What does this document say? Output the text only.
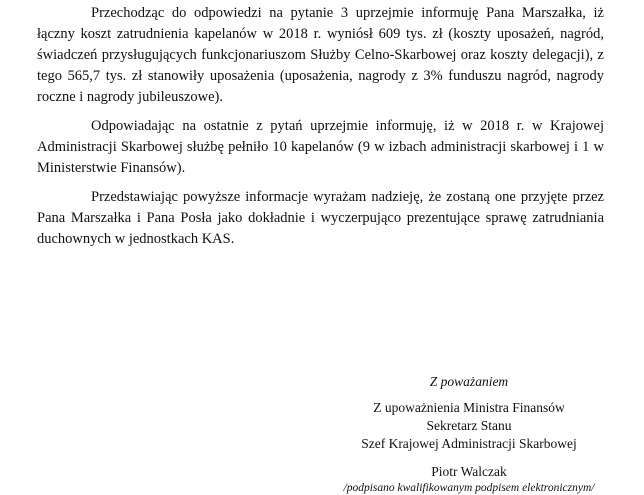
Przechodząc do odpowiedzi na pytanie 3 uprzejmie informuję Pana Marszałka, iż łączny koszt zatrudnienia kapelanów w 2018 r. wyniósł 609 tys. zł (koszty uposażeń, nagród, świadczeń przysługujących funkcjonariuszom Służby Celno-Skarbowej oraz koszty delegacji), z tego 565,7 tys. zł stanowiły uposażenia (uposażenia, nagrody z 3% funduszu nagród, nagrody roczne i nagrody jubileuszowe).

Odpowiadając na ostatnie z pytań uprzejmie informuję, iż w 2018 r. w Krajowej Administracji Skarbowej służbę pełniło 10 kapelanów (9 w izbach administracji skarbowej i 1 w Ministerstwie Finansów).

Przedstawiając powyższe informacje wyrażam nadzieję, że zostaną one przyjęte przez Pana Marszałka i Pana Posła jako dokładnie i wyczerpująco prezentujące sprawę zatrudniania duchownych w jednostkach KAS.

Z poważaniem
Z upoważnienia Ministra Finansów
Sekretarz Stanu
Szef Krajowej Administracji Skarbowej
Piotr Walczak
/podpisano kwalifikowanym podpisem elektronicznym/
